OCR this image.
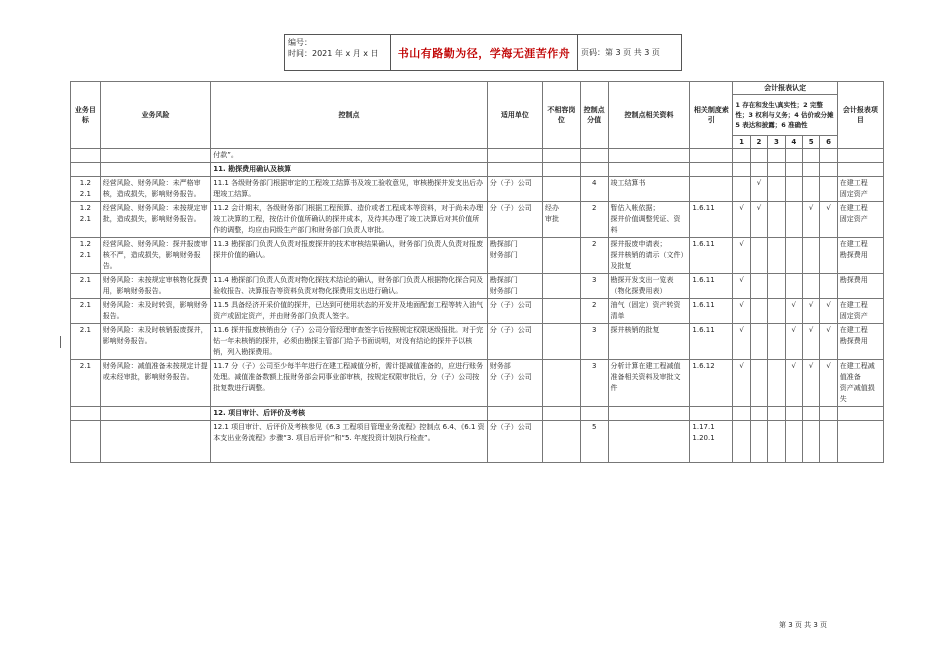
编号：
时间：2021 年 x 月 x 日	书山有路勤为径，学海无涯苦作舟	页码：第 3 页 共 3 页
业务目标	业务风险	控制点	适用单位	不相容岗位	控制点分值	控制点相关资料	相关制度索引	会计报表认定						会计报表项目
								1 存在和发生\真实性；2 完整性；3 权利与义务；4 估价或分摊 5 表达和披露；6 准确性						
								1	2	3	4	5	6	
		付款”。												
		11. 勘探费用确认及核算												
1.2
2.1	经营风险、财务风险：未严格审核，造成损失，影响财务报告。	11.1 各级财务部门根据审定的工程竣工结算书及竣工验收意见，审核勘探井发支出后办理竣工结算。	分（子）公司		4	竣工结算书			√					在建工程
固定资产
1.2
2.1	经营风险、财务风险：未按规定审批，造成损失，影响财务报告。	11.2 会计期末，各级财务部门根据工程预算、造价或者工程成本等资料，对于尚未办理竣工决算的工程，按估计价值所确认的探井成本，及待其办理了竣工决算后对其价值所作的调整，均应由同级生产部门和财务部门负责人审批。	分（子）公司	经办
审批	2	暂估入帐依据；
探井价值调整凭证、资料	1.6.11	√	√			√	√	在建工程
固定资产
1.2
2.1	经营风险、财务风险：探井报废审核不严，造成损失，影响财务报告。	11.3 勘探部门负责人负责对报废探井的技术审核结果确认，财务部门负责人负责对报废探井价值的确认。	勘探部门
财务部门		2	探井报废申请表；
探井核销的请示（文件）及批复	1.6.11	√						在建工程
勘探费用
2.1	财务风险：未按规定审核物化探费用，影响财务报告。	11.4 勘探部门负责人负责对物化探技术结论的确认，财务部门负责人根据物化探合同及验收报告、决算报告等资料负责对物化探费用支出进行确认。	勘探部门
财务部门		3	勘探开发支出一览表（物化探费用表）	1.6.11	√						勘探费用
2.1	财务风险：未及时转资，影响财务报告。	11.5 具备经济开采价值的探井，已达到可使用状态的开发井及地面配套工程等转入油气资产或固定资产，并由财务部门负责人签字。	分（子）公司		2	油气（固定）资产转资清单	1.6.11	√			√	√	√	在建工程
固定资产
2.1	财务风险：未及时核销报废探井，影响财务报告。	11.6 探井报废核销由分（子）公司分管经理审查签字后按照规定权限逐级报批。对于完钻一年未核销的探井，必须由勘探主管部门给予书面说明，对没有结论的探井予以核销，列入勘探费用。	分（子）公司		3	探井核销的批复	1.6.11	√			√	√	√	在建工程
勘探费用
2.1	财务风险：减值准备未按规定计提或未经审批，影响财务报告。	11.7 分（子）公司至少每半年进行在建工程减值分析，需计提减值准备的，应进行账务处理。减值准备数额上报财务部会同事业部审核，按规定权限审批后，分（子）公司按批复数进行调整。	财务部
分（子）公司		3	分析计算在建工程减值准备相关资料及审批文件	1.6.12	√			√	√	√	在建工程减值准备
资产减值损失
		12. 项目审计、后评价及考核												
		12.1 项目审计、后评价及考核参见《6.3 工程项目管理业务流程》控制点 6.4、《6.1 资本支出业务流程》步骤“3. 项目后评价”和“5. 年度投资计划执行检查”。	分（子）公司		5		1.17.1
1.20.1							
第 3 页 共 3 页
